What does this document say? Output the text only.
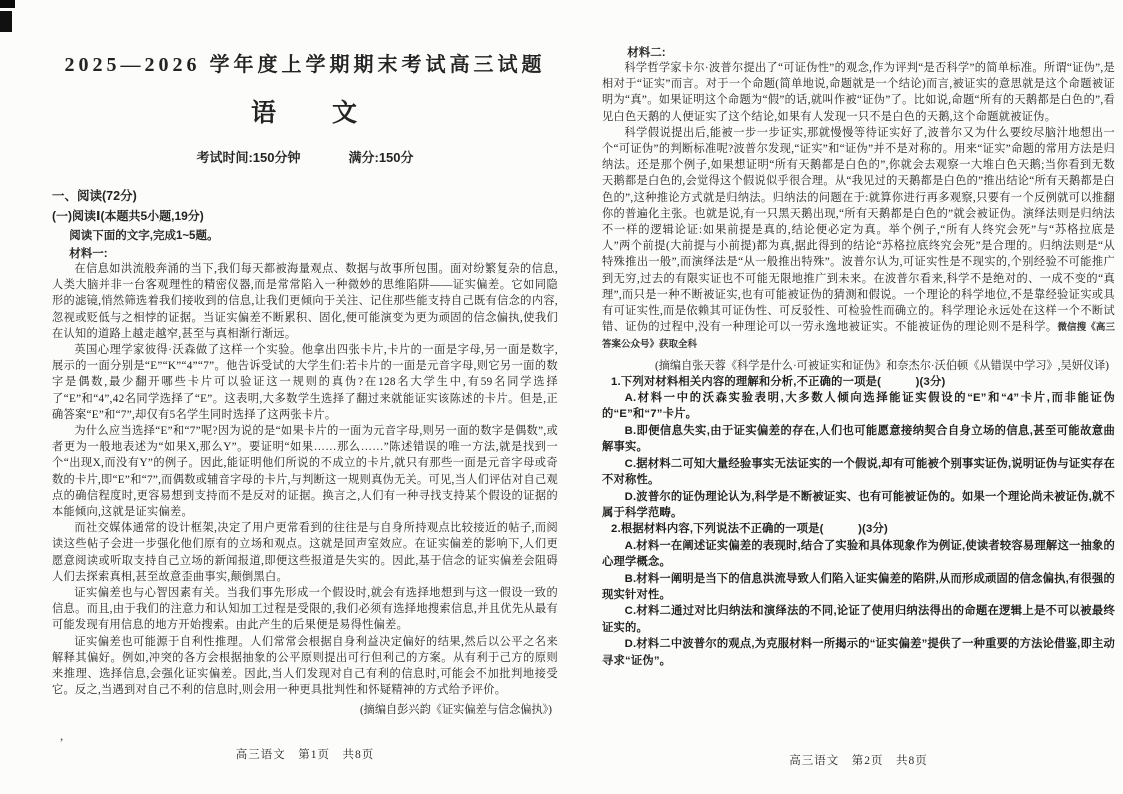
,
2025—2026 学年度上学期期末考试高三试题
语　　文
考试时间:150分钟	满分:150分
一、阅读(72分)
(一)阅读Ⅰ(本题共5小题,19分)
阅读下面的文字,完成1~5题。
材料一:

在信息如洪流般奔涌的当下,我们每天都被海量观点、数据与故事所包围。面对纷繁复杂的信息,人类大脑并非一台客观理性的精密仪器,而是常常陷入一种微妙的思维陷阱——证实偏差。它如同隐形的滤镜,悄然筛选着我们接收到的信息,让我们更倾向于关注、记住那些能支持自己既有信念的内容,忽视或贬低与之相悖的证据。当证实偏差不断累积、固化,便可能演变为更为顽固的信念偏执,使我们在认知的道路上越走越窄,甚至与真相渐行渐远。

英国心理学家彼得·沃森做了这样一个实验。他拿出四张卡片,卡片的一面是字母,另一面是数字,展示的一面分别是“E”“K”“4”“7”。他告诉受试的大学生们:若卡片的一面是元音字母,则它另一面的数字是偶数,最少翻开哪些卡片可以验证这一规则的真伪?在128名大学生中,有59名同学选择了“E”和“4”,42名同学选择了“E”。这表明,大多数学生选择了翻过来就能证实该陈述的卡片。但是,正确答案“E”和“7”,却仅有5名学生同时选择了这两张卡片。

为什么应当选择“E”和“7”呢?因为说的是“如果卡片的一面为元音字母,则另一面的数字是偶数”,或者更为一般地表述为“如果X,那么Y”。要证明“如果……那么……”陈述错误的唯一方法,就是找到一个“出现X,而没有Y”的例子。因此,能证明他们所说的不成立的卡片,就只有那些一面是元音字母或奇数的卡片,即“E”和“7”,而偶数或辅音字母的卡片,与判断这一规则真伪无关。可见,当人们评估对自己观点的确信程度时,更容易想到支持而不是反对的证据。换言之,人们有一种寻找支持某个假设的证据的本能倾向,这就是证实偏差。

而社交媒体通常的设计框架,决定了用户更常看到的往往是与自身所持观点比较接近的帖子,而阅读这些帖子会进一步强化他们原有的立场和观点。这就是回声室效应。在证实偏差的影响下,人们更愿意阅读或听取支持自己立场的新闻报道,即便这些报道是失实的。因此,基于信念的证实偏差会阻碍人们去探索真相,甚至故意歪曲事实,颠倒黑白。

证实偏差也与心智因素有关。当我们事先形成一个假设时,就会有选择地想到与这一假设一致的信息。而且,由于我们的注意力和认知加工过程是受限的,我们必须有选择地搜索信息,并且优先从最有可能发现有用信息的地方开始搜索。由此产生的后果便是易得性偏差。

证实偏差也可能源于自利性推理。人们常常会根据自身利益决定偏好的结果,然后以公平之名来解释其偏好。例如,冲突的各方会根据抽象的公平原则提出可行但利己的方案。从有利于己方的原则来推理、选择信息,会强化证实偏差。因此,当人们发现对自己有利的信息时,可能会不加批判地接受它。反之,当遇到对自己不利的信息时,则会用一种更具批判性和怀疑精神的方式给予评价。

(摘编自彭兴韵《证实偏差与信念偏执》)
高三语文　第1页　共8页
材料二:

科学哲学家卡尔·波普尔提出了“可证伪性”的观念,作为评判“是否科学”的简单标准。所谓“证伪”,是相对于“证实”而言。对于一个命题(简单地说,命题就是一个结论)而言,被证实的意思就是这个命题被证明为“真”。如果证明这个命题为“假”的话,就叫作被“证伪”了。比如说,命题“所有的天鹅都是白色的”,看见白色天鹅的人便证实了这个结论,如果有人发现一只不是白色的天鹅,这个命题就被证伪。

科学假说提出后,能被一步一步证实,那就慢慢等待证实好了,波普尔又为什么要绞尽脑汁地想出一个“可证伪”的判断标准呢?波普尔发现,“证实”和“证伪”并不是对称的。用来“证实”命题的常用方法是归纳法。还是那个例子,如果想证明“所有天鹅都是白色的”,你就会去观察一大堆白色天鹅;当你看到无数天鹅都是白色的,会觉得这个假说似乎很合理。从“我见过的天鹅都是白色的”推出结论“所有天鹅都是白色的”,这种推论方式就是归纳法。归纳法的问题在于:就算你进行再多观察,只要有一个反例就可以推翻你的普遍化主张。也就是说,有一只黑天鹅出现,“所有天鹅都是白色的”就会被证伪。演绎法则是归纳法不一样的逻辑论证:如果前提是真的,结论便必定为真。举个例子,“所有人终究会死”与“苏格拉底是人”两个前提(大前提与小前提)都为真,据此得到的结论“苏格拉底终究会死”是合理的。归纳法则是“从特殊推出一般”,而演绎法是“从一般推出特殊”。波普尔认为,可证实性是不现实的,个别经验不可能推广到无穷,过去的有限实证也不可能无限地推广到未来。在波普尔看来,科学不是绝对的、一成不变的“真理”,而只是一种不断被证实,也有可能被证伪的猜测和假说。一个理论的科学地位,不是靠经验证实或具有可证实性,而是依赖其可证伪性、可反驳性、可检验性而确立的。科学理论永远处在这样一个不断试错、证伪的过程中,没有一种理论可以一劳永逸地被证实。不能被证伪的理论则不是科学。微信搜《高三答案公众号》获取全科

(摘编自张天蓉《科学是什么·可被证实和证伪》和奈杰尔·沃伯顿《从错误中学习》,吴妍仪译)

1.下列对材料相关内容的理解和分析,不正确的一项是(　　　)(3分)

A.材料一中的沃森实验表明,大多数人倾向选择能证实假设的“E”和“4”卡片,而非能证伪的“E”和“7”卡片。

B.即便信息失实,由于证实偏差的存在,人们也可能愿意接纳契合自身立场的信息,甚至可能故意曲解事实。

C.据材料二可知大量经验事实无法证实的一个假说,却有可能被个别事实证伪,说明证伪与证实存在不对称性。

D.波普尔的证伪理论认为,科学是不断被证实、也有可能被证伪的。如果一个理论尚未被证伪,就不属于科学范畴。

2.根据材料内容,下列说法不正确的一项是(　　　)(3分)

A.材料一在阐述证实偏差的表现时,结合了实验和具体现象作为例证,使读者较容易理解这一抽象的心理学概念。

B.材料一阐明是当下的信息洪流导致人们陷入证实偏差的陷阱,从而形成顽固的信念偏执,有很强的现实针对性。

C.材料二通过对比归纳法和演绎法的不同,论证了使用归纳法得出的命题在逻辑上是不可以被最终证实的。

D.材料二中波普尔的观点,为克服材料一所揭示的“证实偏差”提供了一种重要的方法论借鉴,即主动寻求“证伪”。

高三语文　第2页　共8页
